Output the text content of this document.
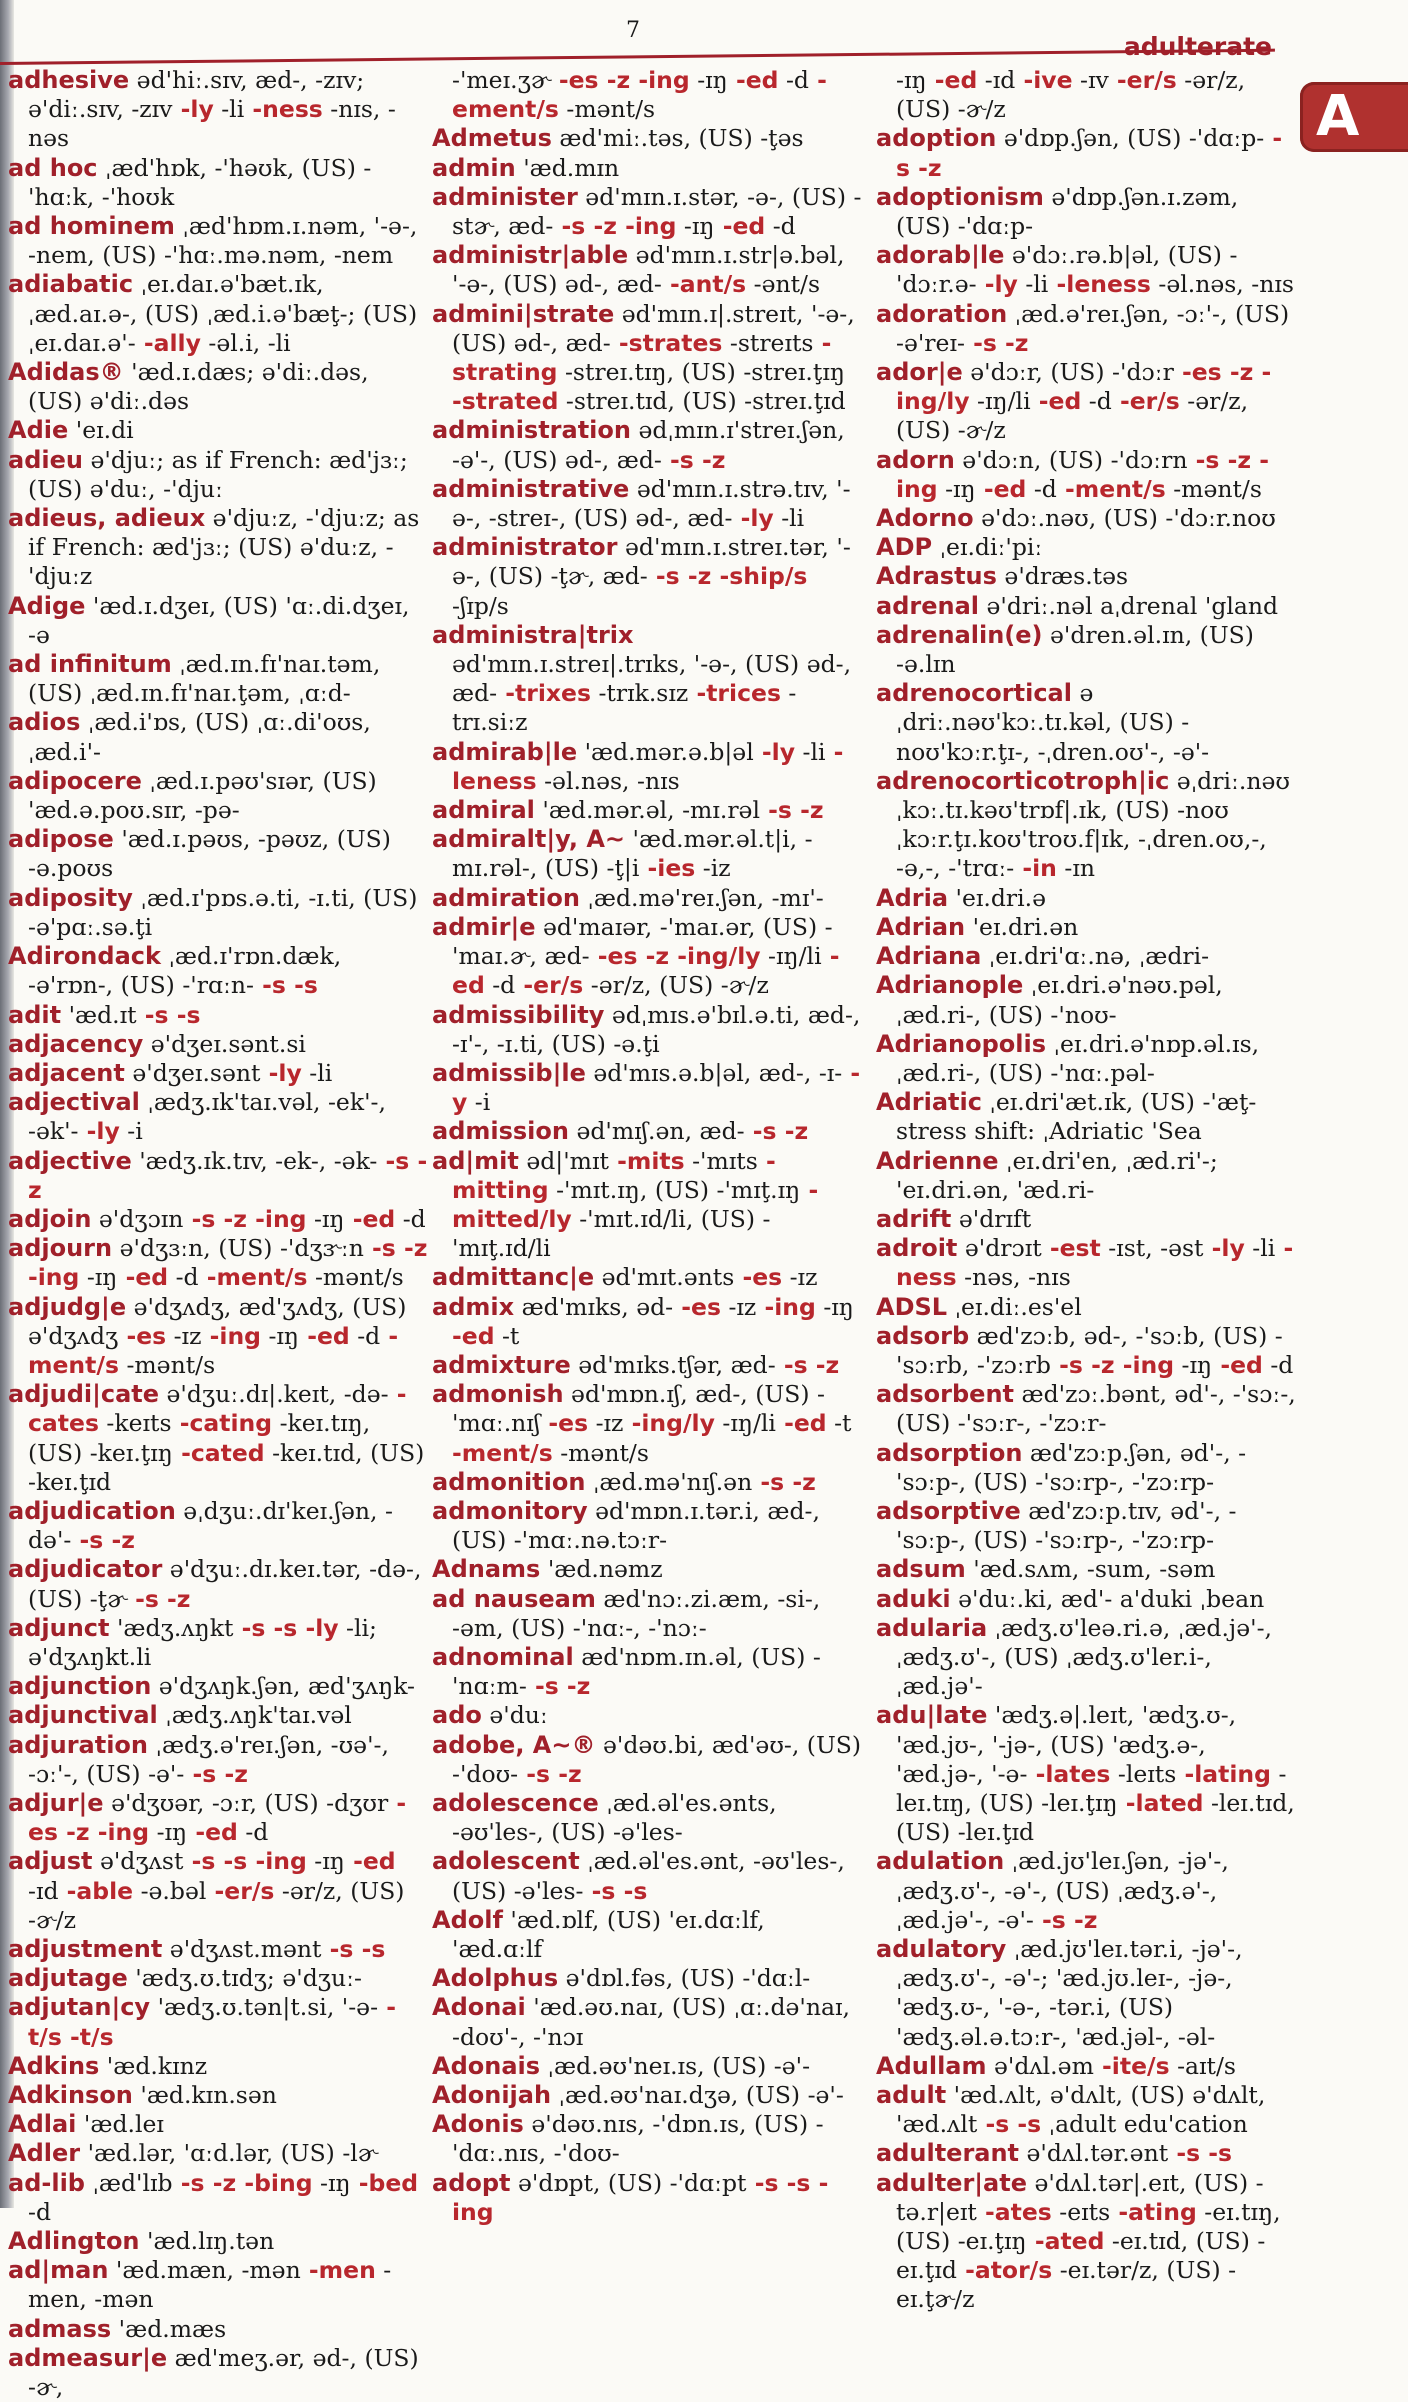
7
adulterate
A

adhesive əd'hiː.sɪv, æd-, -zɪv; ə'diː.sɪv, -zɪv -ly -li -ness -nɪs, -nəs

ad hoc ˌæd'hɒk, -'həʊk, (US) -'hɑːk, -'hoʊk

ad hominem ˌæd'hɒm.ɪ.nəm, '-ə-, -nem, (US) -'hɑː.mə.nəm, -nem

adiabatic ˌeɪ.daɪ.ə'bæt.ɪk, ˌæd.aɪ.ə-, (US) ˌæd.i.ə'bæţ-; (US) ˌeɪ.daɪ.ə'- -ally -əl.i, -li

Adidas® 'æd.ɪ.dæs; ə'diː.dəs, (US) ə'diː.dəs

Adie 'eɪ.di

adieu ə'djuː; as if French: æd'jɜː; (US) ə'duː, -'djuː

adieus, adieux ə'djuːz, -'djuːz; as if French: æd'jɜː; (US) ə'duːz, -'djuːz

Adige 'æd.ɪ.dʒeɪ, (US) 'ɑː.di.dʒeɪ, -ə

ad infinitum ˌæd.ɪn.fɪ'naɪ.təm, (US) ˌæd.ɪn.fɪ'naɪ.ţəm, ˌɑːd-

adios ˌæd.i'ɒs, (US) ˌɑː.di'oʊs, ˌæd.i'-

adipocere ˌæd.ɪ.pəʊ'sɪər, (US) 'æd.ə.poʊ.sɪr, -pə-

adipose 'æd.ɪ.pəʊs, -pəʊz, (US) -ə.poʊs

adiposity ˌæd.ɪ'pɒs.ə.ti, -ɪ.ti, (US) -ə'pɑː.sə.ţi

Adirondack ˌæd.ɪ'rɒn.dæk, -ə'rɒn-, (US) -'rɑːn- -s -s

adit 'æd.ɪt -s -s

adjacency ə'dʒeɪ.sənt.si

adjacent ə'dʒeɪ.sənt -ly -li

adjectival ˌædʒ.ɪk'taɪ.vəl, -ek'-, -ək'- -ly -i

adjective 'ædʒ.ɪk.tɪv, -ek-, -ək- -s -z

adjoin ə'dʒɔɪn -s -z -ing -ɪŋ -ed -d

adjourn ə'dʒɜːn, (US) -'dʒɝːn -s -z -ing -ɪŋ -ed -d -ment/s -mənt/s

adjudg|e ə'dʒʌdʒ, æd'ʒʌdʒ, (US) ə'dʒʌdʒ -es -ɪz -ing -ɪŋ -ed -d -ment/s -mənt/s

adjudi|cate ə'dʒuː.dɪ|.keɪt, -də- -cates -keɪts -cating -keɪ.tɪŋ, (US) -keɪ.ţɪŋ -cated -keɪ.tɪd, (US) -keɪ.ţɪd

adjudication əˌdʒuː.dɪ'keɪ.ʃən, -də'- -s -z

adjudicator ə'dʒuː.dɪ.keɪ.tər, -də-, (US) -ţɚ -s -z

adjunct 'ædʒ.ʌŋkt -s -s -ly -li; ə'dʒʌŋkt.li

adjunction ə'dʒʌŋk.ʃən, æd'ʒʌŋk-

adjunctival ˌædʒ.ʌŋk'taɪ.vəl

adjuration ˌædʒ.ə'reɪ.ʃən, -ʊə'-, -ɔː'-, (US) -ə'- -s -z

adjur|e ə'dʒʊər, -ɔːr, (US) -dʒʊr -es -z -ing -ɪŋ -ed -d

adjust ə'dʒʌst -s -s -ing -ɪŋ -ed -ɪd -able -ə.bəl -er/s -ər/z, (US) -ɚ/z

adjustment ə'dʒʌst.mənt -s -s

adjutage 'ædʒ.ʊ.tɪdʒ; ə'dʒuː-

adjutan|cy 'ædʒ.ʊ.tən|t.si, '-ə- -t/s -t/s

Adkins 'æd.kɪnz

Adkinson 'æd.kɪn.sən

Adlai 'æd.leɪ

Adler 'æd.lər, 'ɑːd.lər, (US) -lɚ

ad-lib ˌæd'lɪb -s -z -bing -ɪŋ -bed -d

Adlington 'æd.lɪŋ.tən

ad|man 'æd.mæn, -mən -men -men, -mən

admass 'æd.mæs

admeasur|e æd'meʒ.ər, əd-, (US) -ɚ,

-'meɪ.ʒɚ -es -z -ing -ɪŋ -ed -d -ement/s -mənt/s

Admetus æd'miː.təs, (US) -ţəs

admin 'æd.mɪn

administer əd'mɪn.ɪ.stər, -ə-, (US) -stɚ, æd- -s -z -ing -ɪŋ -ed -d

administr|able əd'mɪn.ɪ.str|ə.bəl, '-ə-, (US) əd-, æd- -ant/s -ənt/s

admini|strate əd'mɪn.ɪ|.streɪt, '-ə-, (US) əd-, æd- -strates -streɪts -strating -streɪ.tɪŋ, (US) -streɪ.ţɪŋ -strated -streɪ.tɪd, (US) -streɪ.ţɪd

administration ədˌmɪn.ɪ'streɪ.ʃən, -ə'-, (US) əd-, æd- -s -z

administrative əd'mɪn.ɪ.strə.tɪv, '-ə-, -streɪ-, (US) əd-, æd- -ly -li

administrator əd'mɪn.ɪ.streɪ.tər, '-ə-, (US) -ţɚ, æd- -s -z -ship/s -ʃɪp/s

administra|trix əd'mɪn.ɪ.streɪ|.trɪks, '-ə-, (US) əd-, æd- -trixes -trɪk.sɪz -trices -trɪ.siːz

admirab|le 'æd.mər.ə.b|əl -ly -li -leness -əl.nəs, -nɪs

admiral 'æd.mər.əl, -mɪ.rəl -s -z

admiralt|y, A~ 'æd.mər.əl.t|i, -mɪ.rəl-, (US) -ţ|i -ies -iz

admiration ˌæd.mə'reɪ.ʃən, -mɪ'-

admir|e əd'maɪər, -'maɪ.ər, (US) -'maɪ.ɚ, æd- -es -z -ing/ly -ɪŋ/li -ed -d -er/s -ər/z, (US) -ɚ/z

admissibility ədˌmɪs.ə'bɪl.ə.ti, æd-, -ɪ'-, -ɪ.ti, (US) -ə.ţi

admissib|le əd'mɪs.ə.b|əl, æd-, -ɪ- -y -i

admission əd'mɪʃ.ən, æd- -s -z

ad|mit əd|'mɪt -mits -'mɪts -mitting -'mɪt.ɪŋ, (US) -'mɪţ.ɪŋ -mitted/ly -'mɪt.ɪd/li, (US) -'mɪţ.ɪd/li

admittanc|e əd'mɪt.ənts -es -ɪz

admix æd'mɪks, əd- -es -ɪz -ing -ɪŋ -ed -t

admixture əd'mɪks.tʃər, æd- -s -z

admonish əd'mɒn.ɪʃ, æd-, (US) -'mɑː.nɪʃ -es -ɪz -ing/ly -ɪŋ/li -ed -t -ment/s -mənt/s

admonition ˌæd.mə'nɪʃ.ən -s -z

admonitory əd'mɒn.ɪ.tər.i, æd-, (US) -'mɑː.nə.tɔːr-

Adnams 'æd.nəmz

ad nauseam æd'nɔː.zi.æm, -si-, -əm, (US) -'nɑː-, -'nɔː-

adnominal æd'nɒm.ɪn.əl, (US) -'nɑːm- -s -z

ado ə'duː

adobe, A~® ə'dəʊ.bi, æd'əʊ-, (US) -'doʊ- -s -z

adolescence ˌæd.əl'es.ənts, -əʊ'les-, (US) -ə'les-

adolescent ˌæd.əl'es.ənt, -əʊ'les-, (US) -ə'les- -s -s

Adolf 'æd.ɒlf, (US) 'eɪ.dɑːlf, 'æd.ɑːlf

Adolphus ə'dɒl.fəs, (US) -'dɑːl-

Adonai 'æd.əʊ.naɪ, (US) ˌɑː.də'naɪ, -doʊ'-, -'nɔɪ

Adonais ˌæd.əʊ'neɪ.ɪs, (US) -ə'-

Adonijah ˌæd.əʊ'naɪ.dʒə, (US) -ə'-

Adonis ə'dəʊ.nɪs, -'dɒn.ɪs, (US) -'dɑː.nɪs, -'doʊ-

adopt ə'dɒpt, (US) -'dɑːpt -s -s -ing

-ɪŋ -ed -ɪd -ive -ɪv -er/s -ər/z, (US) -ɚ/z

adoption ə'dɒp.ʃən, (US) -'dɑːp- -s -z

adoptionism ə'dɒp.ʃən.ɪ.zəm, (US) -'dɑːp-

adorab|le ə'dɔː.rə.b|əl, (US) -'dɔːr.ə- -ly -li -leness -əl.nəs, -nɪs

adoration ˌæd.ə'reɪ.ʃən, -ɔː'-, (US) -ə'reɪ- -s -z

ador|e ə'dɔːr, (US) -'dɔːr -es -z -ing/ly -ɪŋ/li -ed -d -er/s -ər/z, (US) -ɚ/z

adorn ə'dɔːn, (US) -'dɔːrn -s -z -ing -ɪŋ -ed -d -ment/s -mənt/s

Adorno ə'dɔː.nəʊ, (US) -'dɔːr.noʊ

ADP ˌeɪ.diː'piː

Adrastus ə'dræs.təs

adrenal ə'driː.nəl aˌdrenal 'gland

adrenalin(e) ə'dren.əl.ɪn, (US) -ə.lɪn

adrenocortical əˌdriː.nəʊ'kɔː.tɪ.kəl, (US) -noʊ'kɔːr.ţɪ-, -ˌdren.oʊ'-, -ə'-

adrenocorticotroph|ic əˌdriː.nəʊˌkɔː.tɪ.kəʊ'trɒf|.ɪk, (US) -noʊˌkɔːr.ţɪ.koʊ'troʊ.f|ɪk, -ˌdren.oʊ,-, -ə,-, -'trɑː- -in -ɪn

Adria 'eɪ.dri.ə

Adrian 'eɪ.dri.ən

Adriana ˌeɪ.dri'ɑː.nə, ˌædri-

Adrianople ˌeɪ.dri.ə'nəʊ.pəl, ˌæd.ri-, (US) -'noʊ-

Adrianopolis ˌeɪ.dri.ə'nɒp.əl.ɪs, ˌæd.ri-, (US) -'nɑː.pəl-

Adriatic ˌeɪ.dri'æt.ɪk, (US) -'æţ- stress shift: ˌAdriatic 'Sea

Adrienne ˌeɪ.dri'en, ˌæd.ri'-; 'eɪ.dri.ən, 'æd.ri-

adrift ə'drɪft

adroit ə'drɔɪt -est -ɪst, -əst -ly -li -ness -nəs, -nɪs

ADSL ˌeɪ.diː.es'el

adsorb æd'zɔːb, əd-, -'sɔːb, (US) -'sɔːrb, -'zɔːrb -s -z -ing -ɪŋ -ed -d

adsorbent æd'zɔː.bənt, əd'-, -'sɔː-, (US) -'sɔːr-, -'zɔːr-

adsorption æd'zɔːp.ʃən, əd'-, -'sɔːp-, (US) -'sɔːrp-, -'zɔːrp-

adsorptive æd'zɔːp.tɪv, əd'-, -'sɔːp-, (US) -'sɔːrp-, -'zɔːrp-

adsum 'æd.sʌm, -sum, -səm

aduki ə'duː.ki, æd'- a'duki ˌbean

adularia ˌædʒ.ʊ'leə.ri.ə, ˌæd.jə'-, ˌædʒ.ʊ'-, (US) ˌædʒ.ʊ'ler.i-, ˌæd.jə'-

adu|late 'ædʒ.ə|.leɪt, 'ædʒ.ʊ-, 'æd.jʊ-, '-jə-, (US) 'ædʒ.ə-, 'æd.jə-, '-ə- -lates -leɪts -lating -leɪ.tɪŋ, (US) -leɪ.ţɪŋ -lated -leɪ.tɪd, (US) -leɪ.ţɪd

adulation ˌæd.jʊ'leɪ.ʃən, -jə'-, ˌædʒ.ʊ'-, -ə'-, (US) ˌædʒ.ə'-, ˌæd.jə'-, -ə'- -s -z

adulatory ˌæd.jʊ'leɪ.tər.i, -jə'-, ˌædʒ.ʊ'-, -ə'-; 'æd.jʊ.leɪ-, -jə-, 'ædʒ.ʊ-, '-ə-, -tər.i, (US) 'ædʒ.əl.ə.tɔːr-, 'æd.jəl-, -əl-

Adullam ə'dʌl.əm -ite/s -aɪt/s

adult 'æd.ʌlt, ə'dʌlt, (US) ə'dʌlt, 'æd.ʌlt -s -s ˌadult edu'cation

adulterant ə'dʌl.tər.ənt -s -s

adulter|ate ə'dʌl.tər|.eɪt, (US) -tə.r|eɪt -ates -eɪts -ating -eɪ.tɪŋ, (US) -eɪ.ţɪŋ -ated -eɪ.tɪd, (US) -eɪ.ţɪd -ator/s -eɪ.tər/z, (US) -eɪ.ţɚ/z
